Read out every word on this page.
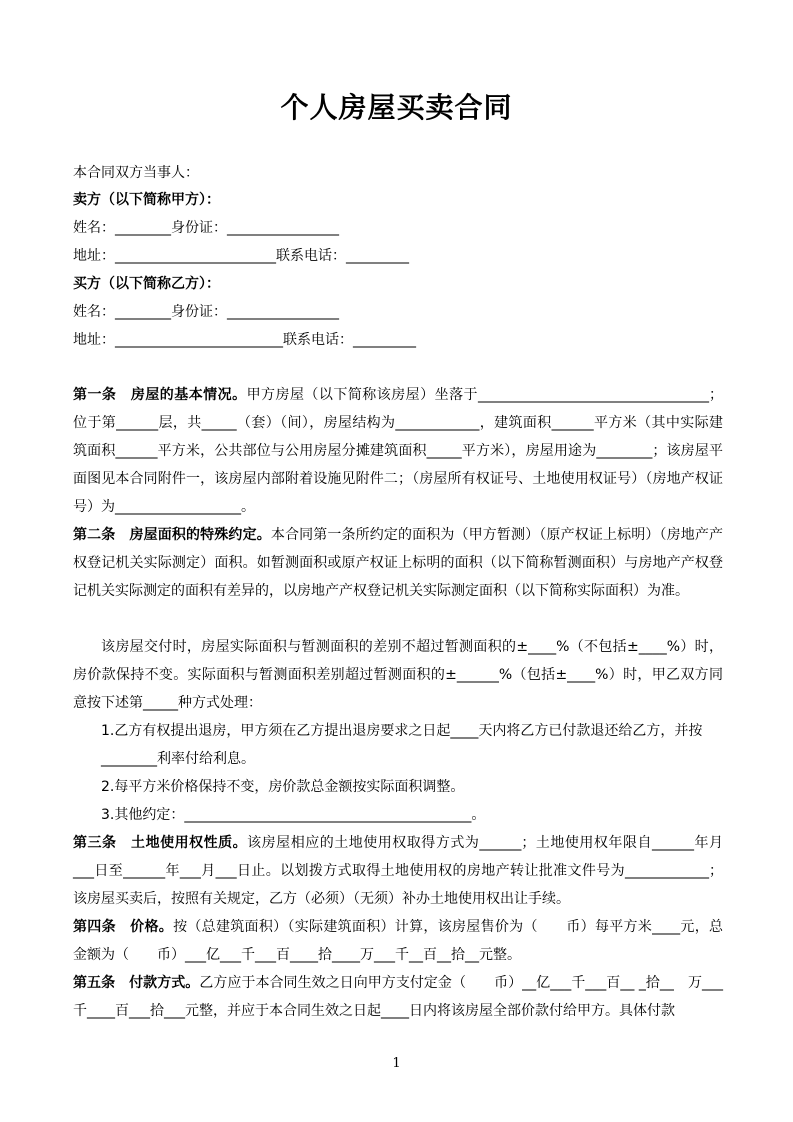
个人房屋买卖合同
本合同双方当事人：
卖方（以下简称甲方）：
姓名：________身份证：________________
地址：_______________________联系电话：_________
买方（以下简称乙方）：
姓名：________身份证：________________
地址：________________________联系电话：_________
第一条　房屋的基本情况。甲方房屋（以下简称该房屋）坐落于_________________________________；位于第______层，共_____（套）（间），房屋结构为____________，建筑面积______平方米（其中实际建筑面积______平方米，公共部位与公用房屋分摊建筑面积_____平方米），房屋用途为________；该房屋平面图见本合同附件一，该房屋内部附着设施见附件二；（房屋所有权证号、土地使用权证号）（房地产权证号）为__________________。
第二条　房屋面积的特殊约定。本合同第一条所约定的面积为（甲方暂测）（原产权证上标明）（房地产产权登记机关实际测定）面积。如暂测面积或原产权证上标明的面积（以下简称暂测面积）与房地产产权登记机关实际测定的面积有差异的，以房地产产权登记机关实际测定面积（以下简称实际面积）为准。
该房屋交付时，房屋实际面积与暂测面积的差别不超过暂测面积的±____%（不包括±____%）时，房价款保持不变。实际面积与暂测面积差别超过暂测面积的±______%（包括±____%）时，甲乙双方同意按下述第_____种方式处理：
1.乙方有权提出退房，甲方须在乙方提出退房要求之日起____天内将乙方已付款退还给乙方，并按________利率付给利息。
2.每平方米价格保持不变，房价款总金额按实际面积调整。
3.其他约定：_________________________________________。
第三条　土地使用权性质。该房屋相应的土地使用权取得方式为______；土地使用权年限自______年月___日至______年___月___日止。以划拨方式取得土地使用权的房地产转让批准文件号为____________；该房屋买卖后，按照有关规定，乙方（必须）（无须）补办土地使用权出让手续。
第四条　价格。按（总建筑面积）（实际建筑面积）计算，该房屋售价为（　　币）每平方米____元，总金额为（　　币）___亿___千___百____拾____万___千__百__拾__元整。
第五条　付款方式。乙方应于本合同生效之日向甲方支付定金（　　币）__亿___千___百__ _拾__　万___千____百___拾___元整，并应于本合同生效之日起____日内将该房屋全部价款付给甲方。具体付款
1
